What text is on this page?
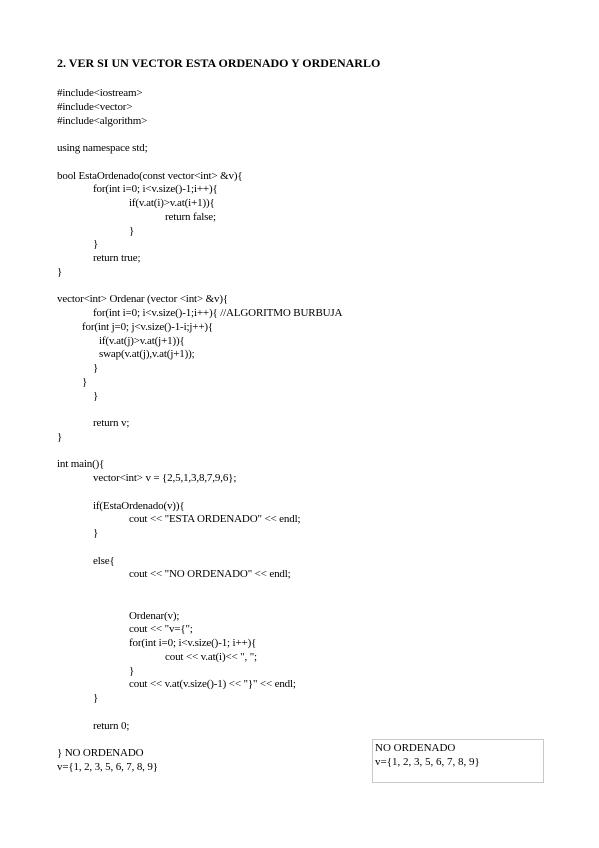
2. VER SI UN VECTOR ESTA ORDENADO Y ORDENARLO
#include<iostream>
#include<vector>
#include<algorithm>
using namespace std;
bool EstaOrdenado(const vector<int> &v){
for(int i=0; i<v.size()-1;i++){
if(v.at(i)>v.at(i+1)){
return false;
}
}
return true;
}
vector<int> Ordenar (vector <int> &v){
for(int i=0; i<v.size()-1;i++){ //ALGORITMO BURBUJA
for(int j=0; j<v.size()-1-i;j++){
if(v.at(j)>v.at(j+1)){
swap(v.at(j),v.at(j+1));
}
}
}
return v;
}
int main(){
vector<int> v = {2,5,1,3,8,7,9,6};
if(EstaOrdenado(v)){
cout << "ESTA ORDENADO" << endl;
}
else{
cout << "NO ORDENADO" << endl;
Ordenar(v);
cout << "v={";
for(int i=0; i<v.size()-1; i++){
cout << v.at(i)<< ", ";
}
cout << v.at(v.size()-1) << "}" << endl;
}
return 0;
} NO ORDENADO
v={1, 2, 3, 5, 6, 7, 8, 9}
NO ORDENADO
v={1, 2, 3, 5, 6, 7, 8, 9}
